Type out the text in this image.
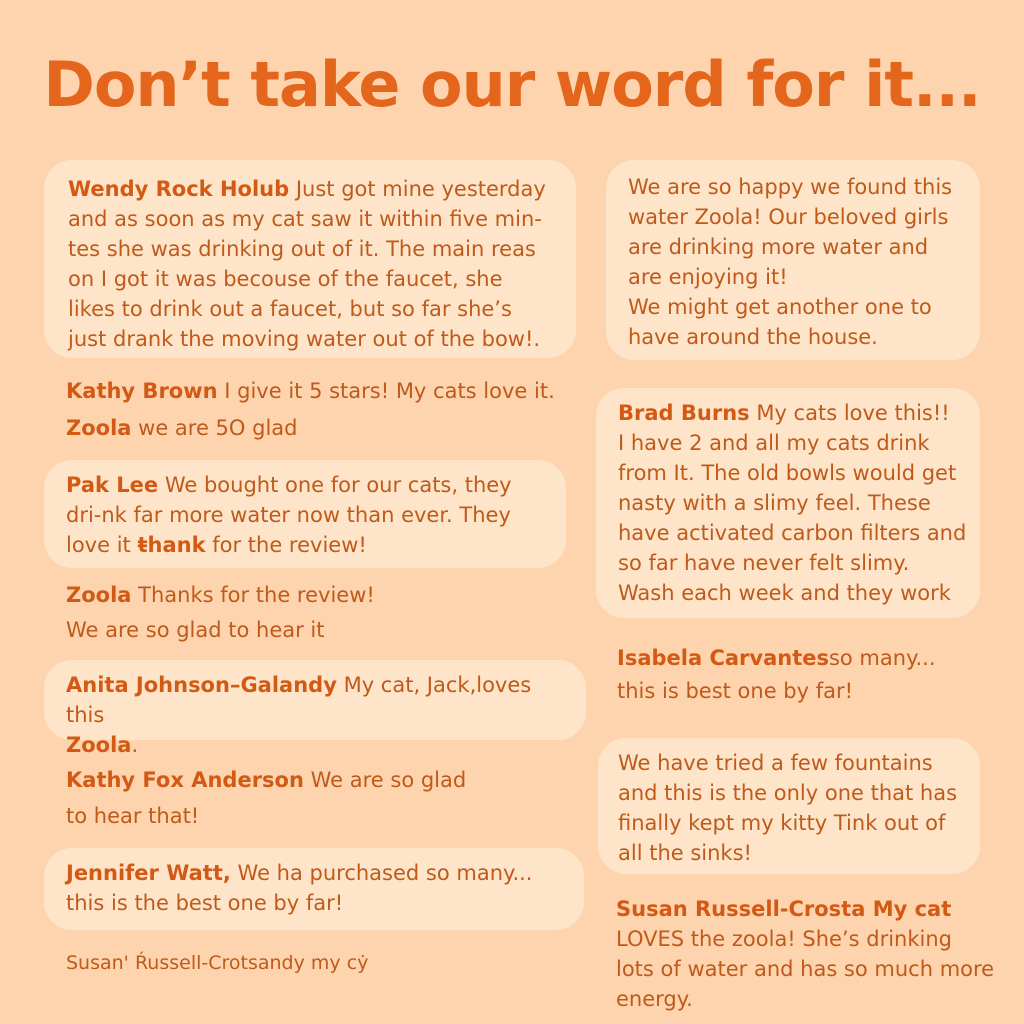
Don’t take our word for it...
Wendy Rock Holub Just got mine yesterday and as soon as my cat saw it within five min-tes she was drinking out of it. The main reas on I got it was becouse of the faucet, she likes to drink out a faucet, but so far she’s just drank the moving water out of the bow!.
Kathy Brown I give it 5 stars! My cats love it.
Zoola we are 5O glad
Pak Lee We bought one for our cats, they dri-nk far more water now than ever. They love it ŧhank for the review!

Zoola Thanks for the review!

We are so glad to hear it

Anita Johnson–Galandy My cat, Jack,loves this
Zoola.

Kathy Fox Anderson We are so glad

to hear that!

Jennifer Watt, We ha purchased so many... this is the best one by far!
Susan' Ŕussell-Crotsandy my cẏ

We are so happy we found this water Zoola! Our beloved girls are drinking more water and are enjoying it!

We might get another one to have around the house.

Brad Burns My cats love this!!

I have 2 and all my cats drink from It. The old bowls would get nasty with a slimy feel. These have activated carbon filters and so far have never felt slimy. Wash each week and they work

Isabela Carvantesso many...

this is best one by far!

We have tried a few fountains and this is the only one that has finally kept my kitty Tink out of all the sinks!

Susan Russell-Crosta My cat

LOVES the zoola! She’s drinking lots of water and has so much more energy.
